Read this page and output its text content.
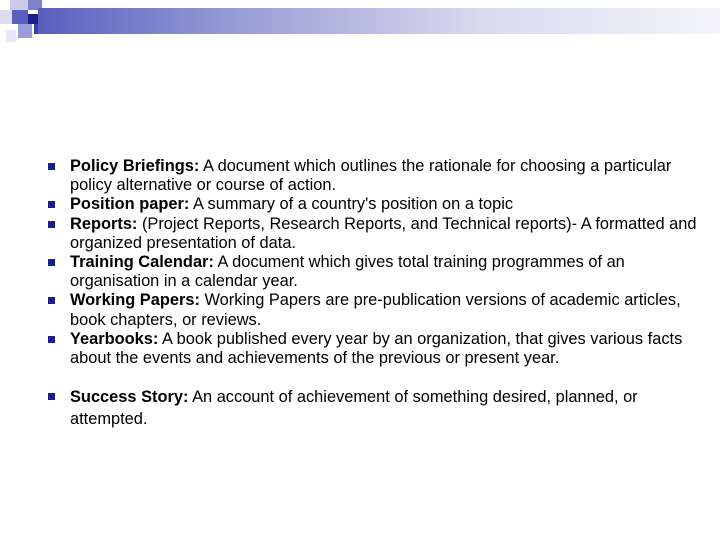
Policy Briefings: A document which outlines the rationale for choosing a particular policy alternative or course of action.
Position paper: A summary of a country's position on a topic
Reports: (Project Reports, Research Reports, and Technical reports)- A formatted and organized presentation of data.
Training Calendar: A document which gives total training programmes of an organisation in a calendar year.
Working Papers: Working Papers are pre-publication versions of academic articles, book chapters, or reviews.
Yearbooks: A book published every year by an organization, that gives various facts about the events and achievements of the previous or present year.
Success Story: An account of achievement of something desired, planned, or attempted.
